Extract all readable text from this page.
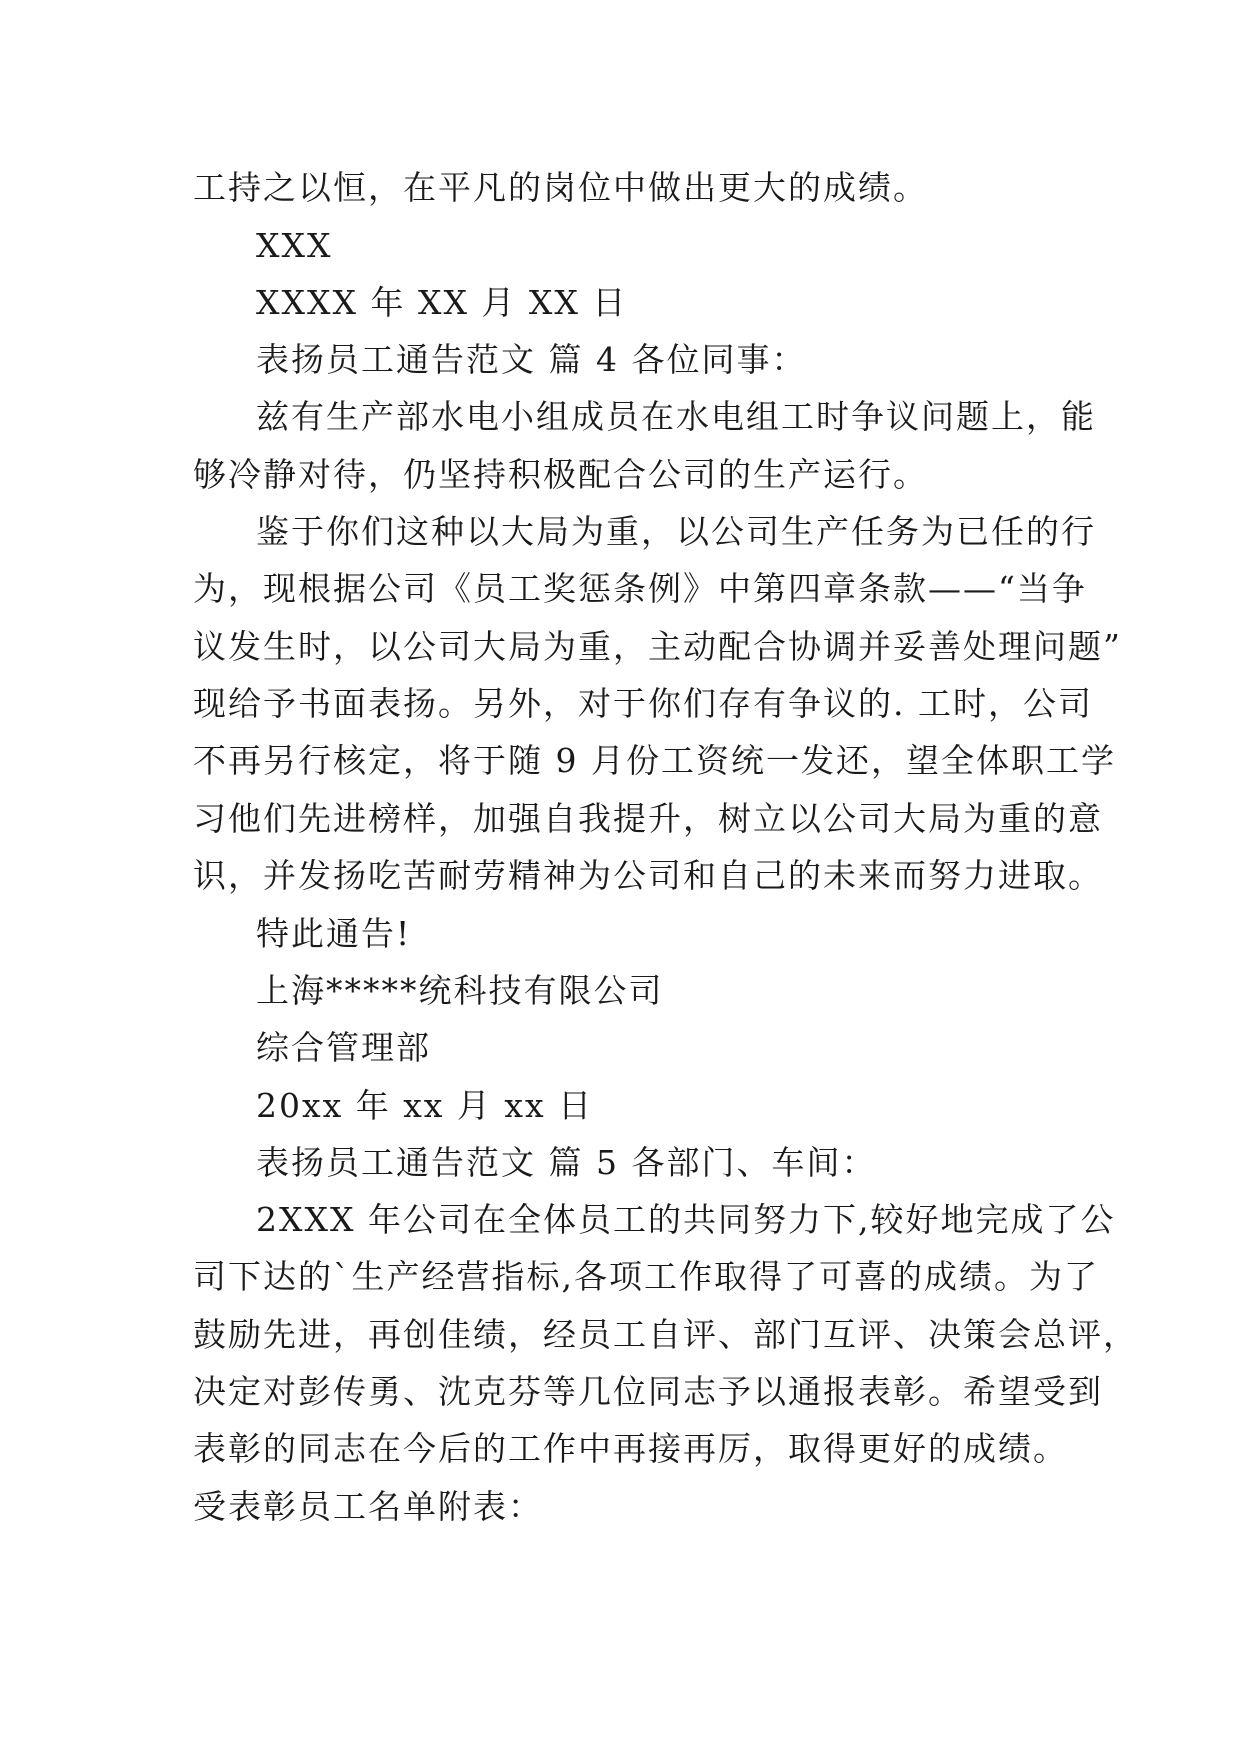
工持之以恒，在平凡的岗位中做出更大的成绩。
XXX
XXXX 年 XX 月 XX 日
表扬员工通告范文 篇 4 各位同事：
兹有生产部水电小组成员在水电组工时争议问题上，能
够冷静对待，仍坚持积极配合公司的生产运行。
鉴于你们这种以大局为重，以公司生产任务为已任的行
为，现根据公司《员工奖惩条例》中第四章条款——“当争
议发生时，以公司大局为重，主动配合协调并妥善处理问题”
现给予书面表扬。另外，对于你们存有争议的. 工时，公司
不再另行核定，将于随 9 月份工资统一发还，望全体职工学
习他们先进榜样，加强自我提升，树立以公司大局为重的意
识，并发扬吃苦耐劳精神为公司和自己的未来而努力进取。
特此通告!
上海*****统科技有限公司
综合管理部
20xx 年 xx 月 xx 日
表扬员工通告范文 篇 5 各部门、车间：
2XXX 年公司在全体员工的共同努力下,较好地完成了公
司下达的`生产经营指标,各项工作取得了可喜的成绩。为了
鼓励先进，再创佳绩，经员工自评、部门互评、决策会总评，
决定对彭传勇、沈克芬等几位同志予以通报表彰。希望受到
表彰的同志在今后的工作中再接再厉，取得更好的成绩。
受表彰员工名单附表：
